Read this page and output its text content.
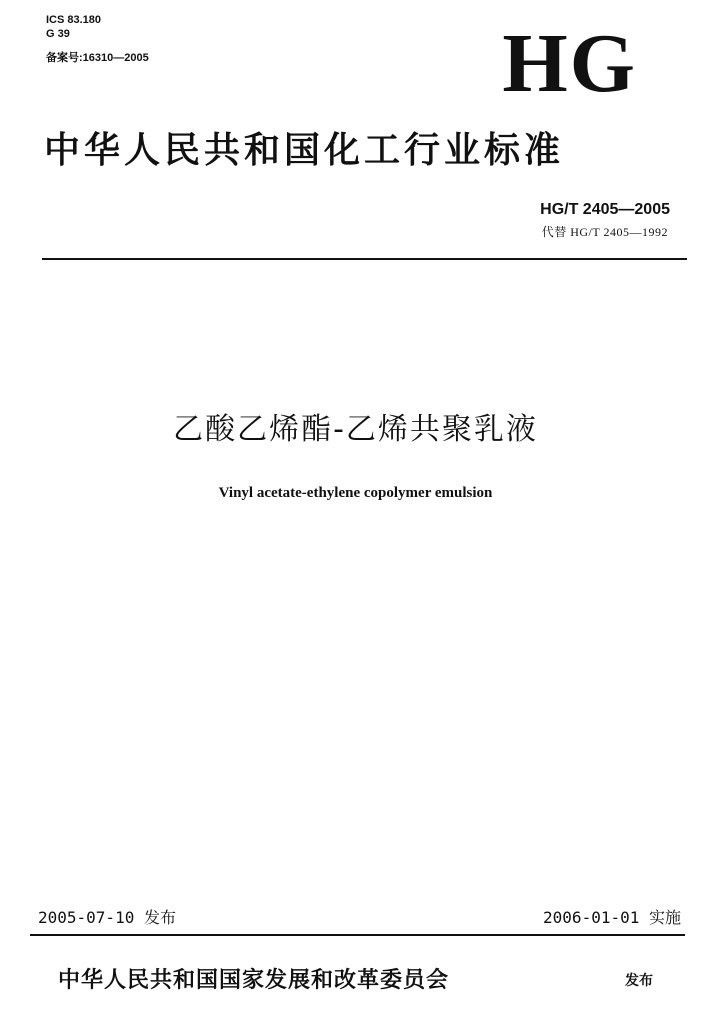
ICS 83.180
G 39
备案号:16310—2005	HG
中华人民共和国化工行业标准
HG/T 2405—2005
代替 HG/T 2405—1992
乙酸乙烯酯-乙烯共聚乳液
Vinyl acetate-ethylene copolymer emulsion
2005-07-10 发布	2006-01-01 实施
中华人民共和国国家发展和改革委员会	发布
